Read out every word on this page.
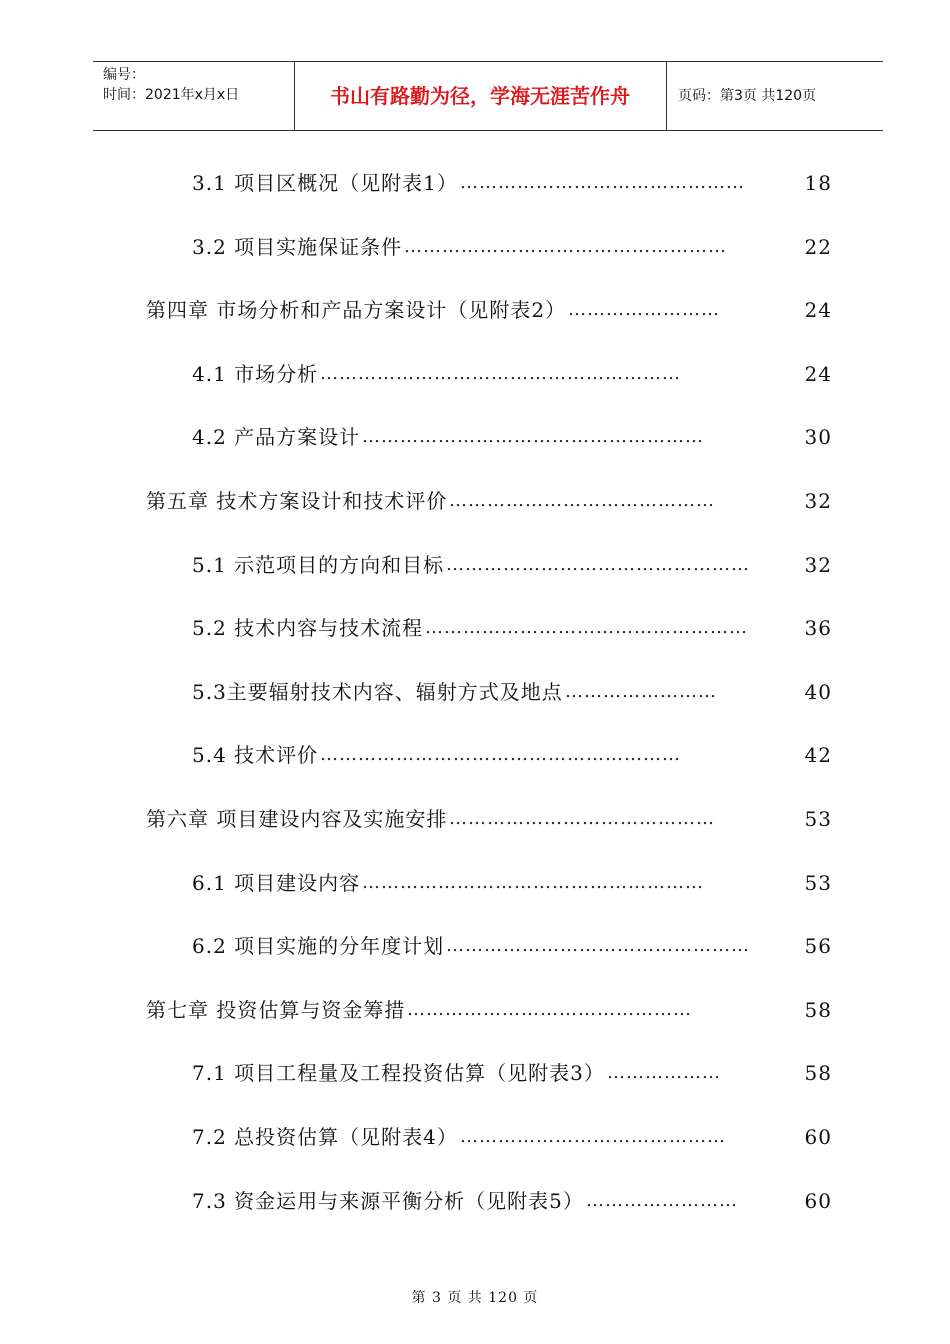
编号：
时间：2021年x月x日	书山有路勤为径，学海无涯苦作舟	页码：第3页 共120页
3.1 项目区概况（见附表1） ………………………………………	18
3.2 项目实施保证条件 ……………………………………………	22
第四章 市场分析和产品方案设计（见附表2） ……………………	24
4.1 市场分析 …………………………………………………	24
4.2 产品方案设计 ………………………………………………	30
第五章 技术方案设计和技术评价 ……………………………………	32
5.1 示范项目的方向和目标 …………………………………………	32
5.2 技术内容与技术流程 ……………………………………………	36
5.3主要辐射技术内容、辐射方式及地点 ……………………	40
5.4 技术评价 …………………………………………………	42
第六章 项目建设内容及实施安排 ……………………………………	53
6.1 项目建设内容 ………………………………………………	53
6.2 项目实施的分年度计划 …………………………………………	56
第七章 投资估算与资金筹措 ………………………………………	58
7.1 项目工程量及工程投资估算（见附表3） ………………	58
7.2 总投资估算（见附表4） ……………………………………	60
7.3 资金运用与来源平衡分析（见附表5） ……………………	60
第 3 页 共 120 页
